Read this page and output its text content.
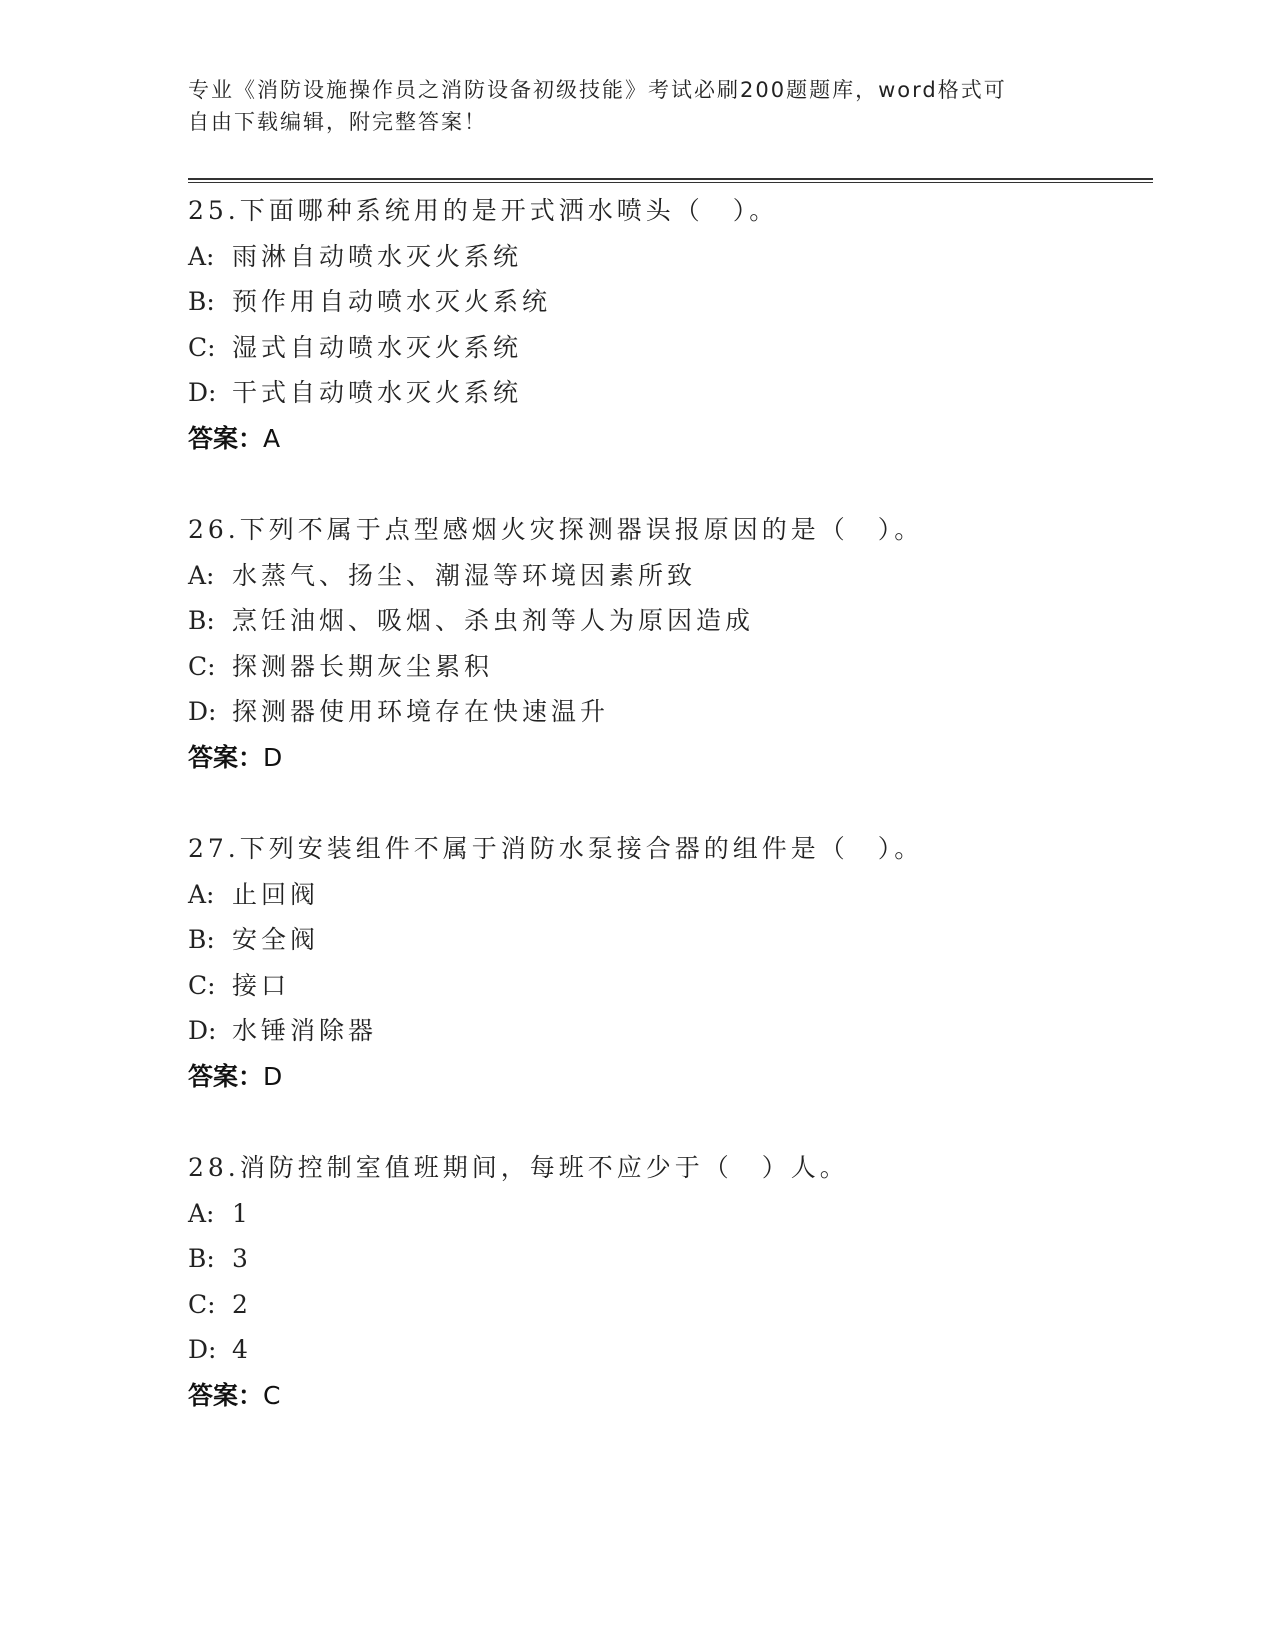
专业《消防设施操作员之消防设备初级技能》考试必刷200题题库，word格式可
自由下载编辑，附完整答案！
25.下面哪种系统用的是开式洒水喷头（　）。
A: 雨淋自动喷水灭火系统
B: 预作用自动喷水灭火系统
C: 湿式自动喷水灭火系统
D: 干式自动喷水灭火系统
答案：A
26.下列不属于点型感烟火灾探测器误报原因的是（　）。
A: 水蒸气、扬尘、潮湿等环境因素所致
B: 烹饪油烟、吸烟、杀虫剂等人为原因造成
C: 探测器长期灰尘累积
D: 探测器使用环境存在快速温升
答案：D
27.下列安装组件不属于消防水泵接合器的组件是（　）。
A: 止回阀
B: 安全阀
C: 接口
D: 水锤消除器
答案：D
28.消防控制室值班期间，每班不应少于（　）人。
A: 1
B: 3
C: 2
D: 4
答案：C
